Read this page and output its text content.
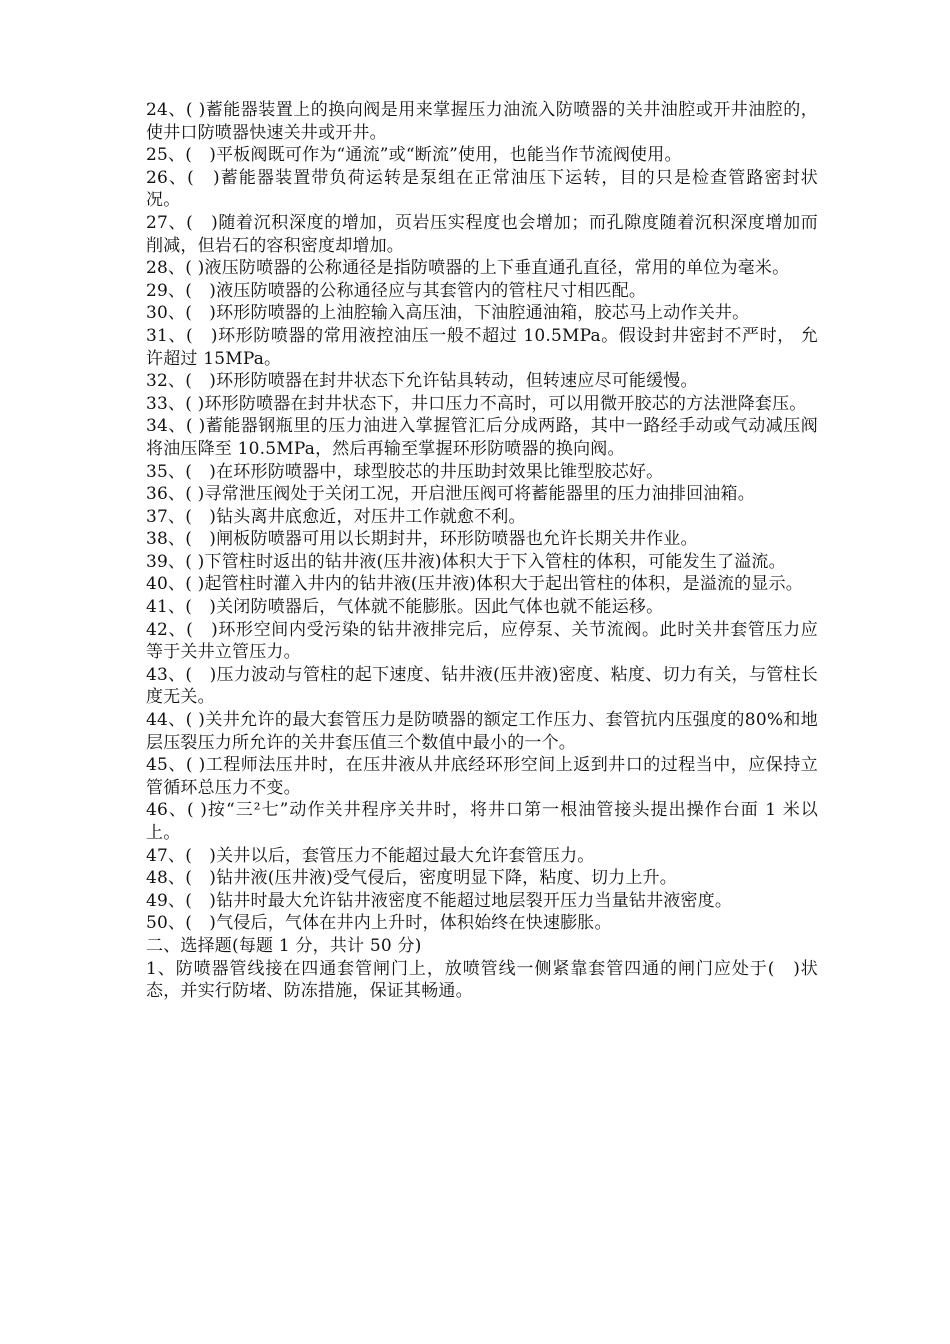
24、( )蓄能器装置上的换向阀是用来掌握压力油流入防喷器的关井油腔或开井油腔的，使井口防喷器快速关井或开井。

25、(　)平板阀既可作为“通流”或“断流”使用，也能当作节流阀使用。

26、(　)蓄能器装置带负荷运转是泵组在正常油压下运转，目的只是检查管路密封状况。

27、(　)随着沉积深度的增加，页岩压实程度也会增加；而孔隙度随着沉积深度增加而削减，但岩石的容积密度却增加。

28、( )液压防喷器的公称通径是指防喷器的上下垂直通孔直径，常用的单位为毫米。

29、(　)液压防喷器的公称通径应与其套管内的管柱尺寸相匹配。

30、(　)环形防喷器的上油腔输入高压油，下油腔通油箱，胶芯马上动作关井。

31、(　)环形防喷器的常用液控油压一般不超过 10.5MPa。假设封井密封不严时， 允许超过 15MPa。

32、(　)环形防喷器在封井状态下允许钻具转动，但转速应尽可能缓慢。

33、( )环形防喷器在封井状态下，井口压力不高时，可以用微开胶芯的方法泄降套压。

34、( )蓄能器钢瓶里的压力油进入掌握管汇后分成两路，其中一路经手动或气动减压阀将油压降至 10.5MPa，然后再输至掌握环形防喷器的换向阀。

35、(　)在环形防喷器中，球型胶芯的井压助封效果比锥型胶芯好。

36、( )寻常泄压阀处于关闭工况，开启泄压阀可将蓄能器里的压力油排回油箱。

37、(　)钻头离井底愈近，对压井工作就愈不利。

38、(　)闸板防喷器可用以长期封井，环形防喷器也允许长期关井作业。

39、( )下管柱时返出的钻井液(压井液)体积大于下入管柱的体积，可能发生了溢流。

40、( )起管柱时灌入井内的钻井液(压井液)体积大于起出管柱的体积，是溢流的显示。

41、(　)关闭防喷器后，气体就不能膨胀。因此气体也就不能运移。

42、(　)环形空间内受污染的钻井液排完后，应停泵、关节流阀。此时关井套管压力应等于关井立管压力。

43、(　)压力波动与管柱的起下速度、钻井液(压井液)密度、粘度、切力有关，与管柱长度无关。

44、( )关井允许的最大套管压力是防喷器的额定工作压力、套管抗内压强度的80%和地层压裂压力所允许的关井套压值三个数值中最小的一个。

45、( )工程师法压井时，在压井液从井底经环形空间上返到井口的过程当中，应保持立管循环总压力不变。

46、( )按“三²七”动作关井程序关井时，将井口第一根油管接头提出操作台面 1 米以上。

47、(　)关井以后，套管压力不能超过最大允许套管压力。

48、(　)钻井液(压井液)受气侵后，密度明显下降，粘度、切力上升。

49、(　)钻井时最大允许钻井液密度不能超过地层裂开压力当量钻井液密度。

50、(　)气侵后，气体在井内上升时，体积始终在快速膨胀。

二、选择题(每题 1 分，共计 50 分)

1、防喷器管线接在四通套管闸门上，放喷管线一侧紧靠套管四通的闸门应处于(　)状态，并实行防堵、防冻措施，保证其畅通。
